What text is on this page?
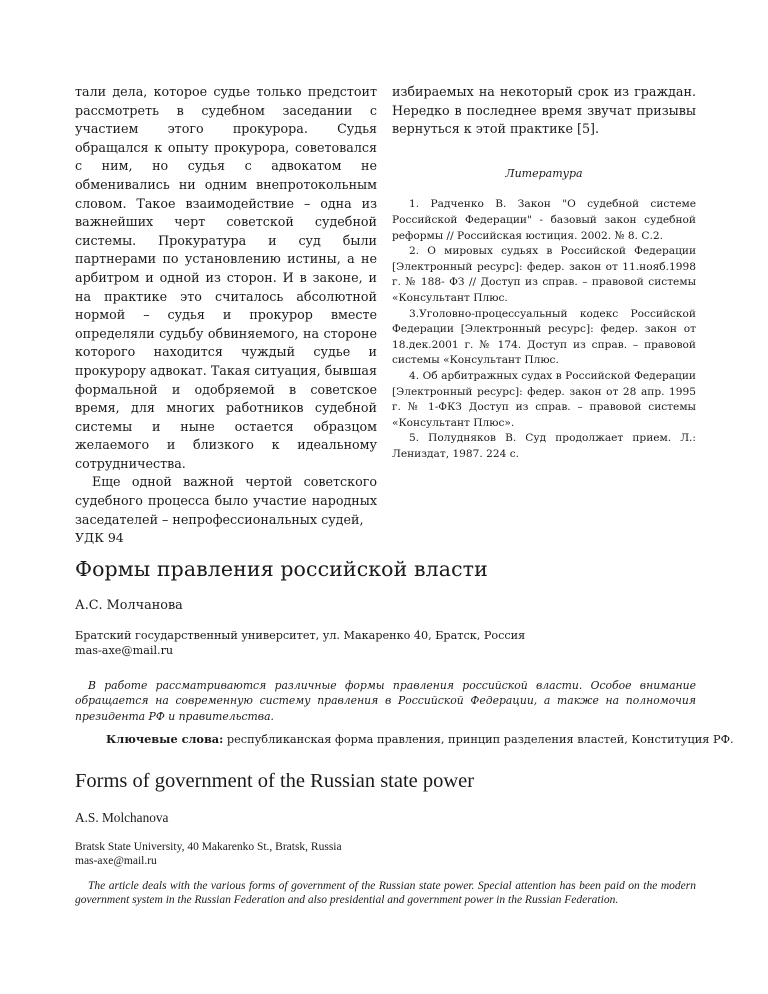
тали дела, которое судье только предстоит рассмотреть в судебном заседании с участием этого прокурора. Судья обращался к опыту прокурора, советовался с ним, но судья с адвокатом не обменивались ни одним внепротокольным словом. Такое взаимодействие – одна из важнейших черт советской судебной системы. Прокуратура и суд были партнерами по установлению истины, а не арбитром и одной из сторон. И в законе, и на практике это считалось абсолютной нормой – судья и прокурор вместе определяли судьбу обвиняемого, на стороне которого находится чуждый судье и прокурору адвокат. Такая ситуация, бывшая формальной и одобряемой в советское время, для многих работников судебной системы и ныне остается образцом желаемого и близкого к идеальному сотрудничества.

Еще одной важной чертой советского судебного процесса было участие народных заседателей – непрофессиональных судей,

избираемых на некоторый срок из граждан. Нередко в последнее время звучат призывы вернуться к этой практике [5].

Литература

1. Радченко В. Закон "О судебной системе Российской Федерации" - базовый закон судебной реформы // Российская юстиция. 2002. № 8. С.2.

2. О мировых судьях в Российской Федерации [Электронный ресурс]: федер. закон от 11.нояб.1998 г. № 188- ФЗ // Доступ из справ. – правовой системы «Консультант Плюс.

3.Уголовно-процессуальный кодекс Российской Федерации [Электронный ресурс]: федер. закон от 18.дек.2001 г. № 174. Доступ из справ. – правовой системы «Консультант Плюс.

4. Об арбитражных судах в Российской Федерации [Электронный ресурс]: федер. закон от 28 апр. 1995 г. № 1-ФКЗ Доступ из справ. – правовой системы «Консультант Плюс».

5. Полудняков В. Суд продолжает прием. Л.: Лениздат, 1987. 224 с.

УДК 94
Формы правления российской власти
А.С. Молчанова
Братский государственный университет, ул. Макаренко 40, Братск, Россия
mas-axe@mail.ru
В работе рассматриваются различные формы правления российской власти. Особое внимание обращается на современную систему правления в Российской Федерации, а также на полномочия президента РФ и правительства.
Ключевые слова: республиканская форма правления, принцип разделения властей, Конституция РФ.
Forms of government of the Russian state power
A.S. Molchanova
Bratsk State University, 40 Makarenko St., Bratsk, Russia
mas-axe@mail.ru
The article deals with the various forms of government of the Russian state power. Special attention has been paid on the modern government system in the Russian Federation and also presidential and government power in the Russian Federation.
